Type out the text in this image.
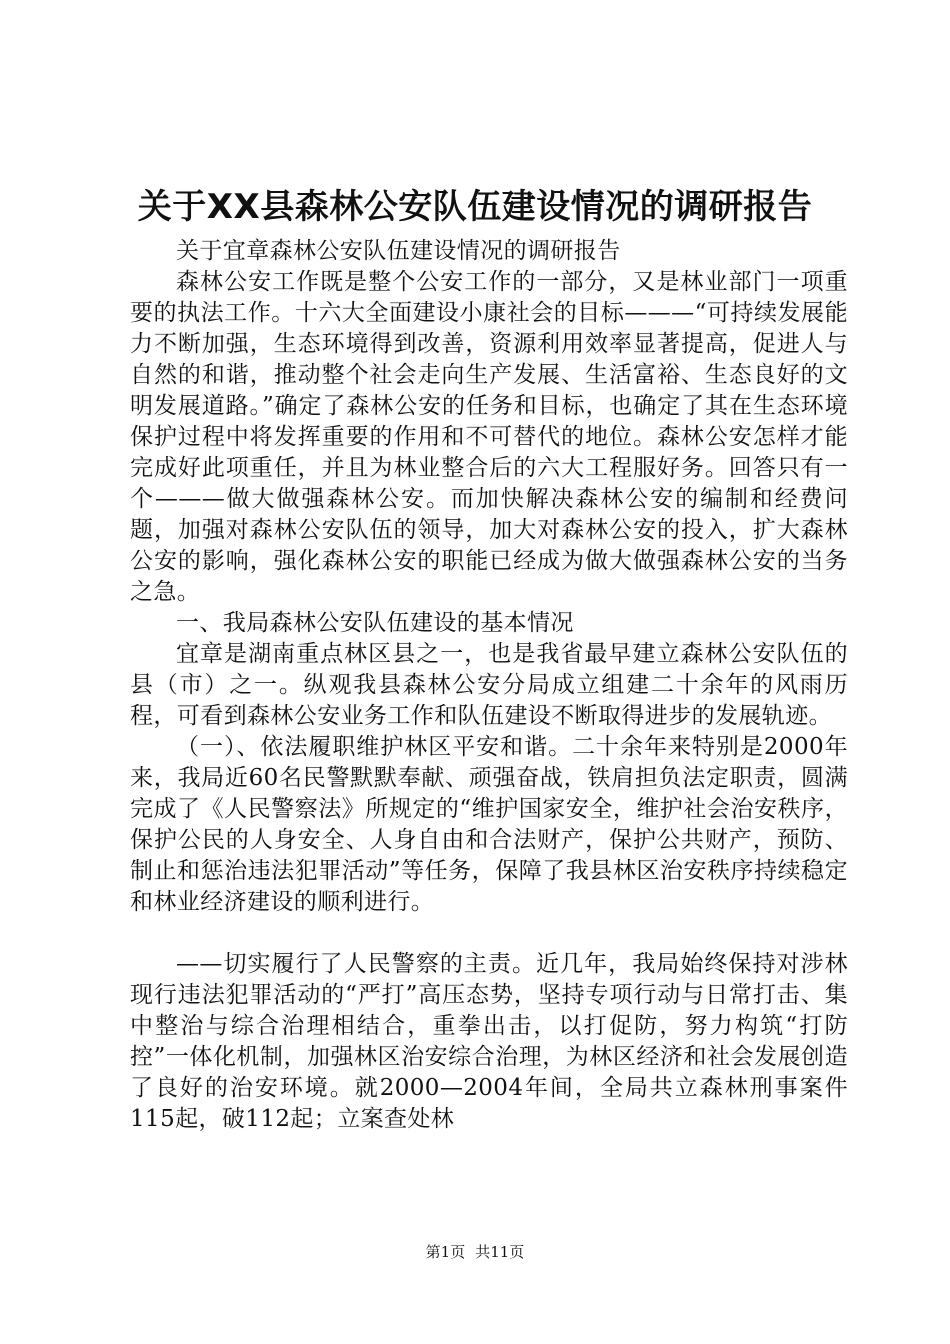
关于XX县森林公安队伍建设情况的调研报告

关于宜章森林公安队伍建设情况的调研报告

森林公安工作既是整个公安工作的一部分，又是林业部门一项重要的执法工作。十六大全面建设小康社会的目标———“可持续发展能力不断加强，生态环境得到改善，资源利用效率显著提高，促进人与自然的和谐，推动整个社会走向生产发展、生活富裕、生态良好的文明发展道路。”确定了森林公安的任务和目标，也确定了其在生态环境保护过程中将发挥重要的作用和不可替代的地位。森林公安怎样才能完成好此项重任，并且为林业整合后的六大工程服好务。回答只有一个———做大做强森林公安。而加快解决森林公安的编制和经费问题，加强对森林公安队伍的领导，加大对森林公安的投入，扩大森林公安的影响，强化森林公安的职能已经成为做大做强森林公安的当务之急。

一、我局森林公安队伍建设的基本情况

宜章是湖南重点林区县之一，也是我省最早建立森林公安队伍的县（市）之一。纵观我县森林公安分局成立组建二十余年的风雨历程，可看到森林公安业务工作和队伍建设不断取得进步的发展轨迹。

（一）、依法履职维护林区平安和谐。二十余年来特别是2000年来，我局近60名民警默默奉献、顽强奋战，铁肩担负法定职责，圆满完成了《人民警察法》所规定的“维护国家安全，维护社会治安秩序，保护公民的人身安全、人身自由和合法财产，保护公共财产，预防、制止和惩治违法犯罪活动”等任务，保障了我县林区治安秩序持续稳定和林业经济建设的顺利进行。

——切实履行了人民警察的主责。近几年，我局始终保持对涉林现行违法犯罪活动的“严打”高压态势，坚持专项行动与日常打击、集中整治与综合治理相结合，重拳出击，以打促防，努力构筑“打防控”一体化机制，加强林区治安综合治理，为林区经济和社会发展创造了良好的治安环境。就2000—2004年间，全局共立森林刑事案件115起，破112起；立案查处林

第1页 共11页
